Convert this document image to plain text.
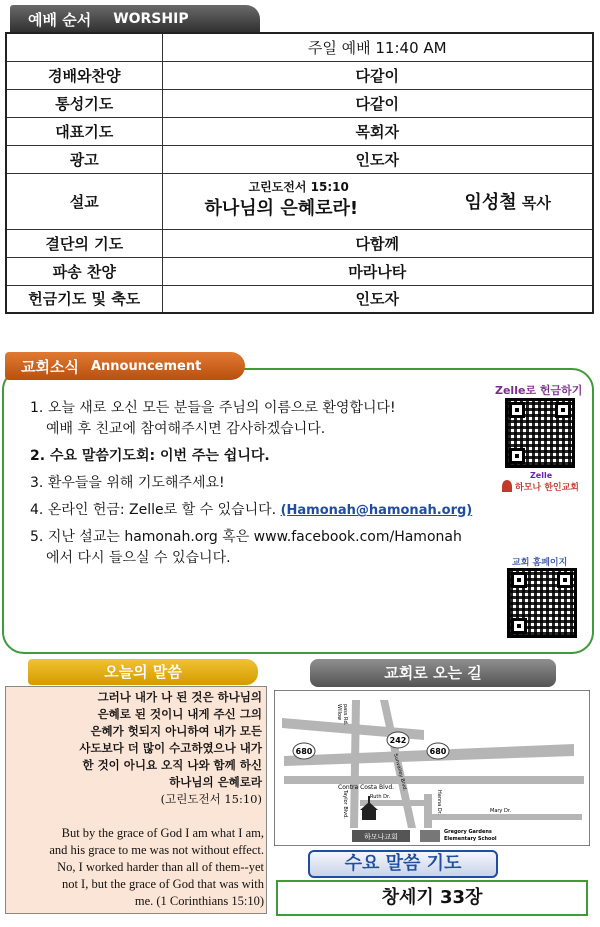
예배 순서 WORSHIP
	주일 예배 11:40 AM
경배와찬양	다같이
통성기도	다같이
대표기도	목회자
광고	인도자
설교	고린도전서 15:10
하나님의 은혜로라! 임성철 목사

결단의 기도	다함께
파송 찬양	마라나타
헌금기도 및 축도	인도자
교회소식 Announcement
1. 오늘 새로 오신 모든 분들을 주님의 이름으로 환영합니다!
예배 후 친교에 참여해주시면 감사하겠습니다.
2. 수요 말씀기도회: 이번 주는 쉽니다.
3. 환우들을 위해 기도해주세요!
4. 온라인 헌금: Zelle로 할 수 있습니다. (Hamonah@hamonah.org)
5. 지난 설교는 hamonah.org 혹은 www.facebook.com/Hamonah
에서 다시 들으실 수 있습니다.
Zelle로 헌금하기
Zelle
하모나 한인교회
교회 홈페이지
오늘의 말씀
그러나 내가 나 된 것은 하나님의
은혜로 된 것이니 내게 주신 그의
은혜가 헛되지 아니하여 내가 모든
사도보다 더 많이 수고하였으나 내가
한 것이 아니요 오직 나와 함께 하신
하나님의 은혜로라
(고린도전서 15:10)
But by the grace of God I am what I am,
and his grace to me was not without effect.
No, I worked harder than all of them--yet
not I, but the grace of God that was with
me. (1 Corinthians 15:10)
교회로 오는 길
680
242
680
Willow pass Rd.
Sunvalley Blvd.
Contra Costa Blvd.
Ruth Dr.
Taylor Blvd.	Hanna Dr.	Mary Dr.
하모나교회
Gregory Gardens
Elementary School
수요 말씀 기도
창세기 33장
